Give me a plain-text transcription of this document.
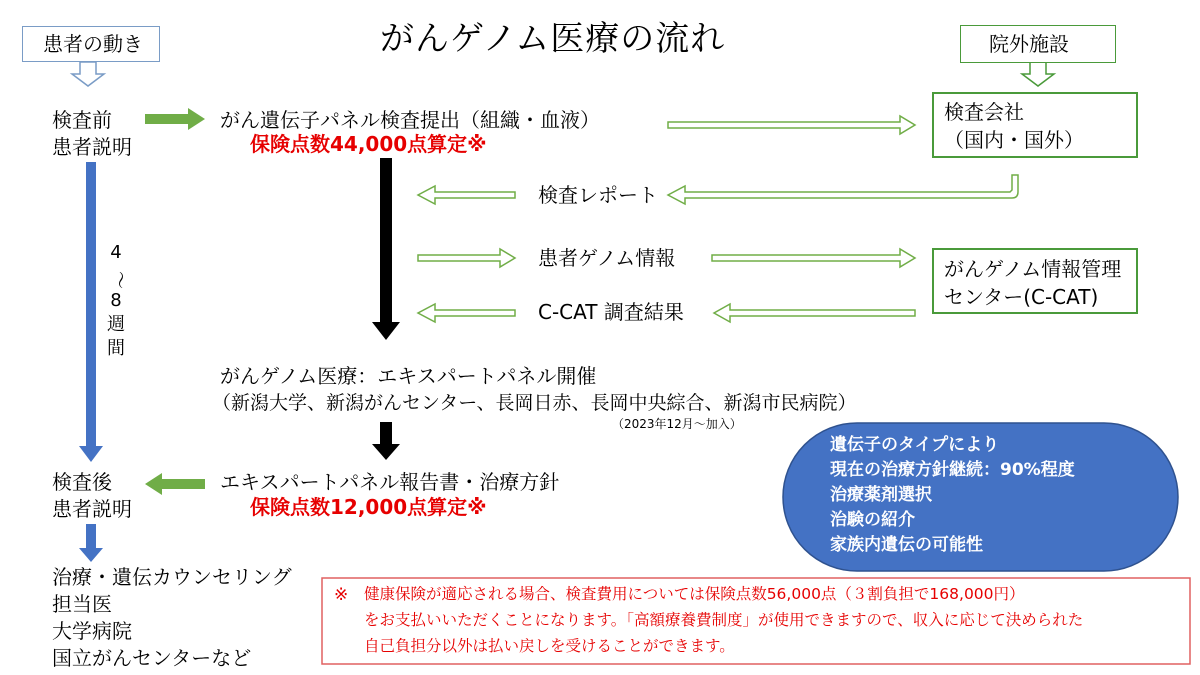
がんゲノム医療の流れ
患者の動き	院外施設
検査前
患者説明
4
〜
8
週
間
検査後
患者説明
治療・遺伝カウンセリング
担当医
大学病院
国立がんセンターなど
がん遺伝子パネル検査提出（組織・血液）
保険点数44,000点算定※
検査レポート
患者ゲノム情報
C-CAT 調査結果
がんゲノム医療：エキスパートパネル開催
（新潟大学、新潟がんセンター、長岡日赤、長岡中央綜合、新潟市民病院）
（2023年12月～加入）
エキスパートパネル報告書・治療方針
保険点数12,000点算定※
検査会社
（国内・国外）
がんゲノム情報管理
センター(C-CAT)
遺伝子のタイプにより
現在の治療方針継続：90%程度
治療薬剤選択
治験の紹介
家族内遺伝の可能性
※ 健康保険が適応される場合、検査費用については保険点数56,000点（３割負担で168,000円）
をお支払いいただくことになります。「高額療養費制度」が使用できますので、収入に応じて決められた
自己負担分以外は払い戻しを受けることができます。
